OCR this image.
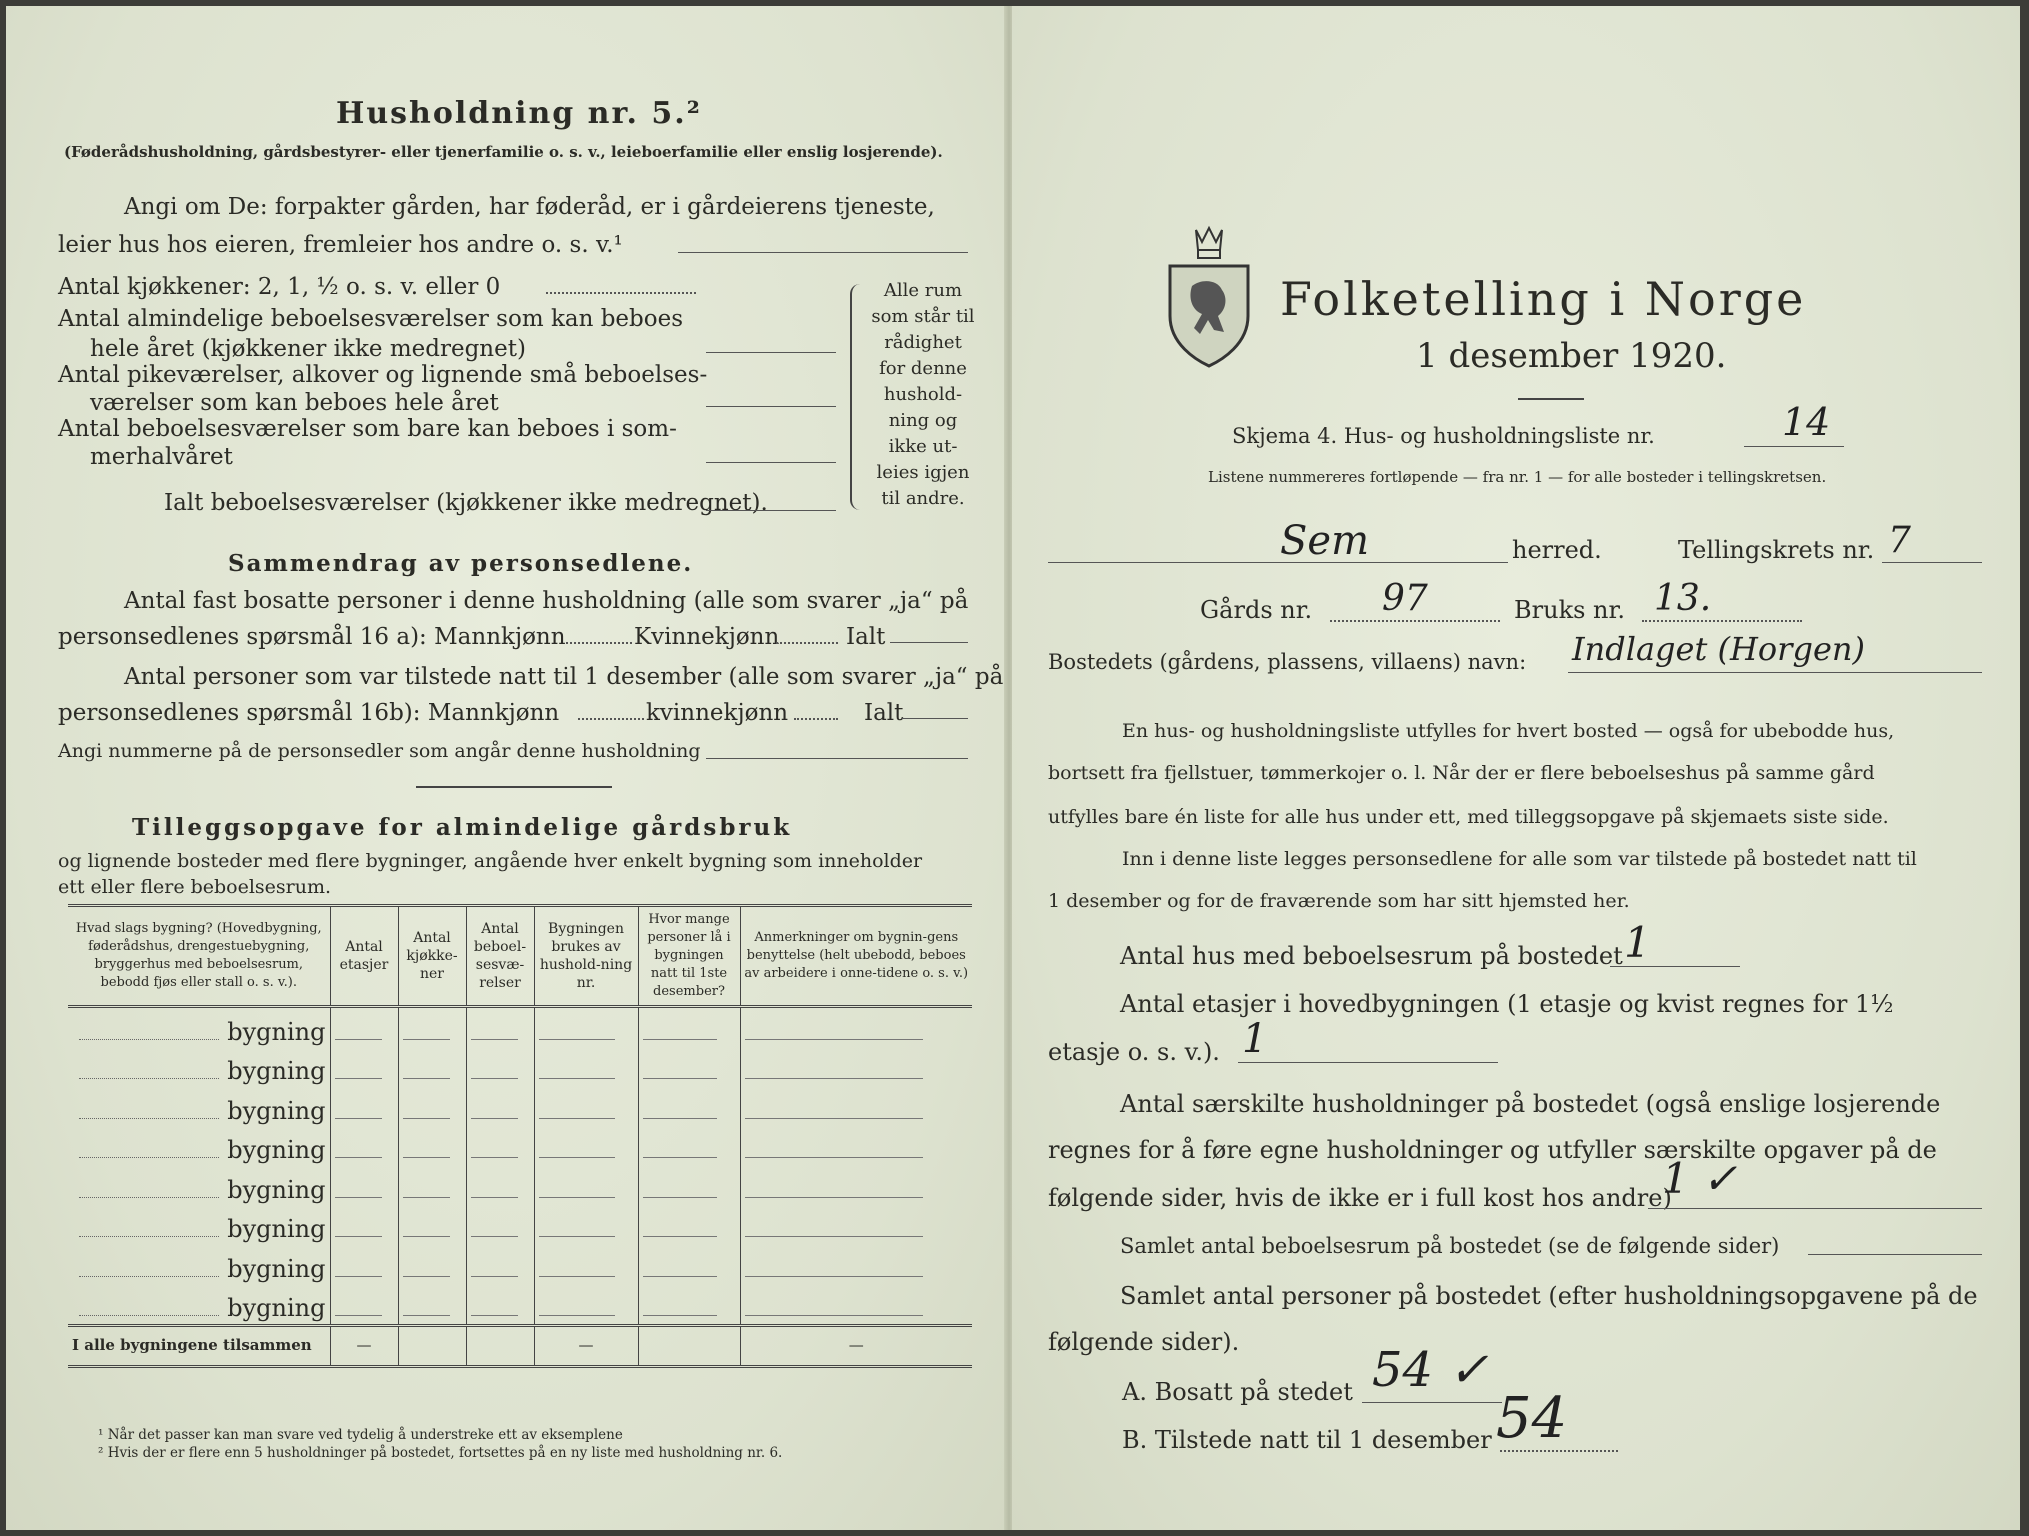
Husholdning nr. 5.²
(Føderådshusholdning, gårdsbestyrer- eller tjenerfamilie o. s. v., leieboerfamilie eller enslig losjerende).
Angi om De: forpakter gården, har føderåd, er i gårdeierens tjeneste,
leier hus hos eieren, fremleier hos andre o. s. v.¹
Antal kjøkkener: 2, 1, ½ o. s. v. eller 0
Antal almindelige beboelsesværelser som kan beboes
hele året (kjøkkener ikke medregnet)
Antal pikeværelser, alkover og lignende små beboelses-
værelser som kan beboes hele året
Antal beboelsesværelser som bare kan beboes i som-
merhalvåret
Ialt beboelsesværelser (kjøkkener ikke medregnet).
Alle rum
som står til
rådighet
for denne
hushold-
ning og
ikke ut-
leies igjen
til andre.
Sammendrag av personsedlene.
Antal fast bosatte personer i denne husholdning (alle som svarer „ja“ på
personsedlenes spørsmål 16 a): Mannkjønn	Kvinnekjønn	Ialt
Antal personer som var tilstede natt til 1 desember (alle som svarer „ja“ på
personsedlenes spørsmål 16b): Mannkjønn	kvinnekjønn	Ialt
Angi nummerne på de personsedler som angår denne husholdning
Tilleggsopgave for almindelige gårdsbruk
og lignende bosteder med flere bygninger, angående hver enkelt bygning som inneholder
ett eller flere beboelsesrum.
Hvad slags bygning? (Hovedbygning, føderådshus, drengestuebygning, bryggerhus med beboelsesrum, bebodd fjøs eller stall o. s. v.).	Antal etasjer	Antal kjøkke-ner	Antal beboel-sesvæ-relser	Bygningen brukes av hushold-ning nr.	Hvor mange personer lå i bygningen natt til 1ste desember?	Anmerkninger om bygnin-gens benyttelse (helt ubebodd, beboes av arbeidere i onne-tidene o. s. v.)

bygning						
bygning						
bygning						
bygning						
bygning						
bygning						
bygning						
bygning						
I alle bygningene tilsammen	—			—		—
¹ Når det passer kan man svare ved tydelig å understreke ett av eksemplene
² Hvis der er flere enn 5 husholdninger på bostedet, fortsettes på en ny liste med husholdning nr. 6.
Folketelling i Norge
1 desember 1920.
Skjema 4. Hus- og husholdningsliste nr.	14
Listene nummereres fortløpende — fra nr. 1 — for alle bosteder i tellingskretsen.
Sem	herred.	Tellingskrets nr. 7
Gårds nr. 97	Bruks nr. 13.
Bostedets (gårdens, plassens, villaens) navn: Indlaget (Horgen)
En hus- og husholdningsliste utfylles for hvert bosted — også for ubebodde hus,
bortsett fra fjellstuer, tømmerkojer o. l. Når der er flere beboelseshus på samme gård
utfylles bare én liste for alle hus under ett, med tilleggsopgave på skjemaets siste side.
Inn i denne liste legges personsedlene for alle som var tilstede på bostedet natt til
1 desember og for de fraværende som har sitt hjemsted her.
Antal hus med beboelsesrum på bostedet 1
Antal etasjer i hovedbygningen (1 etasje og kvist regnes for 1½
etasje o. s. v.). 1
Antal særskilte husholdninger på bostedet (også enslige losjerende
regnes for å føre egne husholdninger og utfyller særskilte opgaver på de
følgende sider, hvis de ikke er i full kost hos andre)
1 ✓
Samlet antal beboelsesrum på bostedet (se de følgende sider)
Samlet antal personer på bostedet (efter husholdningsopgavene på de
følgende sider).
A. Bosatt på stedet 54 ✓
B. Tilstede natt til 1 desember 54
